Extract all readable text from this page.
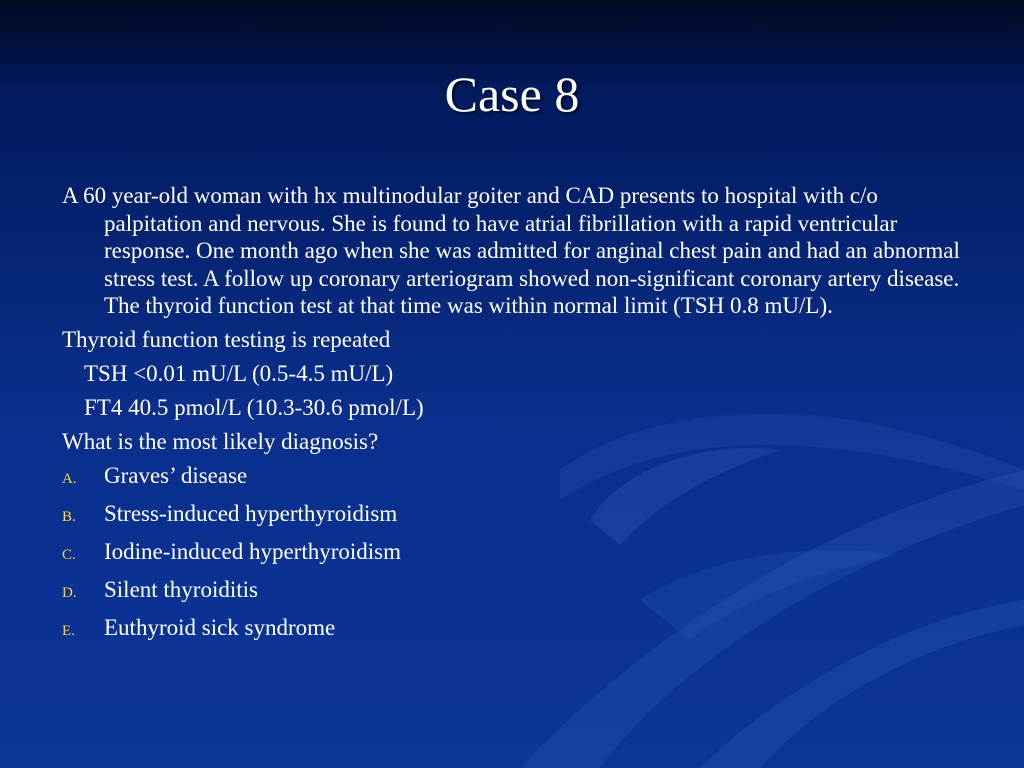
Case 8

A 60 year-old woman with hx multinodular goiter and CAD presents to hospital with c/o palpitation and nervous. She is found to have atrial fibrillation with a rapid ventricular response. One month ago when she was admitted for anginal chest pain and had an abnormal stress test. A follow up coronary arteriogram showed non-significant coronary artery disease. The thyroid function test at that time was within normal limit (TSH 0.8 mU/L).

Thyroid function testing is repeated

TSH <0.01 mU/L (0.5-4.5 mU/L)

FT4 40.5 pmol/L (10.3-30.6 pmol/L)

What is the most likely diagnosis?

A.	Graves’ disease
B.	Stress-induced hyperthyroidism
C.	Iodine-induced hyperthyroidism
D.	Silent thyroiditis
E.	Euthyroid sick syndrome
